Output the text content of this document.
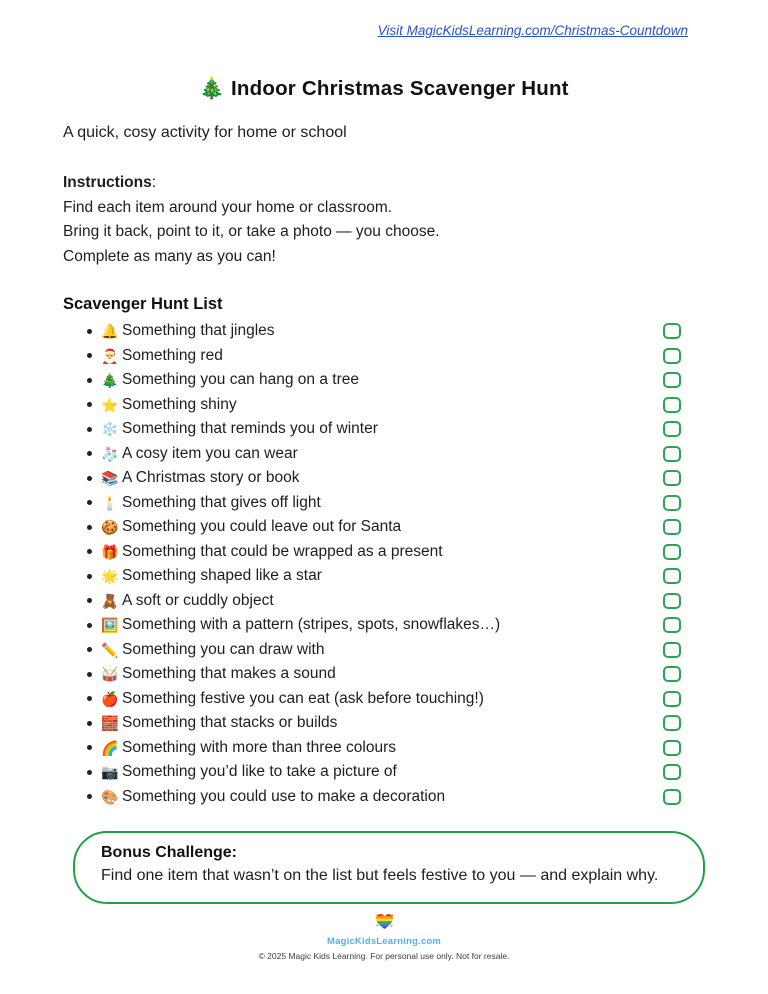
Visit MagicKidsLearning.com/Christmas-Countdown
🎄 Indoor Christmas Scavenger Hunt

A quick, cosy activity for home or school

Instructions:
Find each item around your home or classroom.
Bring it back, point to it, or take a photo — you choose.
Complete as many as you can!
Scavenger Hunt List
🔔 Something that jingles
🎅 Something red
🎄 Something you can hang on a tree
⭐ Something shiny
❄️ Something that reminds you of winter
🧦 A cosy item you can wear
📚 A Christmas story or book
🕯️ Something that gives off light
🍪 Something you could leave out for Santa
🎁 Something that could be wrapped as a present
🌟 Something shaped like a star
🧸 A soft or cuddly object
🖼️ Something with a pattern (stripes, spots, snowflakes…)
✏️ Something you can draw with
🥁 Something that makes a sound
🍎 Something festive you can eat (ask before touching!)
🧱 Something that stacks or builds
🌈 Something with more than three colours
📷 Something you’d like to take a picture of
🎨 Something you could use to make a decoration
Bonus Challenge:
Find one item that wasn’t on the list but feels festive to you — and explain why.
MagicKidsLearning.com
© 2025 Magic Kids Learning. For personal use only. Not for resale.
